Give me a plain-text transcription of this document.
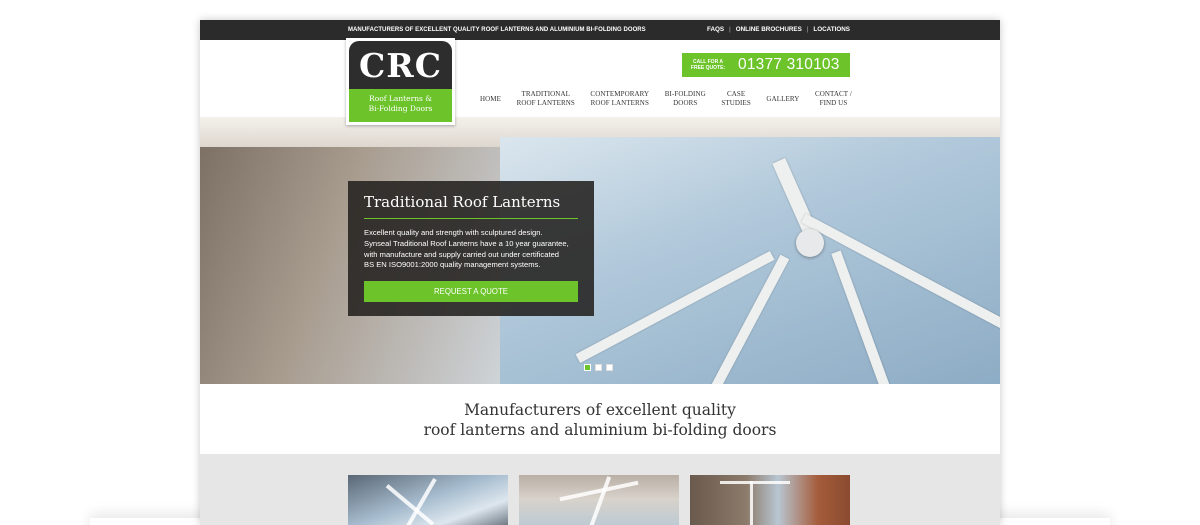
MANUFACTURERS OF EXCELLENT QUALITY ROOF LANTERNS AND ALUMINIUM BI-FOLDING DOORS	FAQS | ONLINE BROCHURES | LOCATIONS
CRC
Roof Lanterns &
Bi-Folding Doors
CALL FOR A
FREE QUOTE: 01377 310103
HOME
TRADITIONAL
ROOF LANTERNS
CONTEMPORARY
ROOF LANTERNS
BI-FOLDING
DOORS
CASE
STUDIES
GALLERY
CONTACT /
FIND US
Traditional Roof Lanterns
Excellent quality and strength with sculptured design.
Synseal Traditional Roof Lanterns have a 10 year guarantee,
with manufacture and supply carried out under certificated
BS EN ISO9001:2000 quality management systems.
REQUEST A QUOTE
Manufacturers of excellent quality
roof lanterns and aluminium bi-folding doors
